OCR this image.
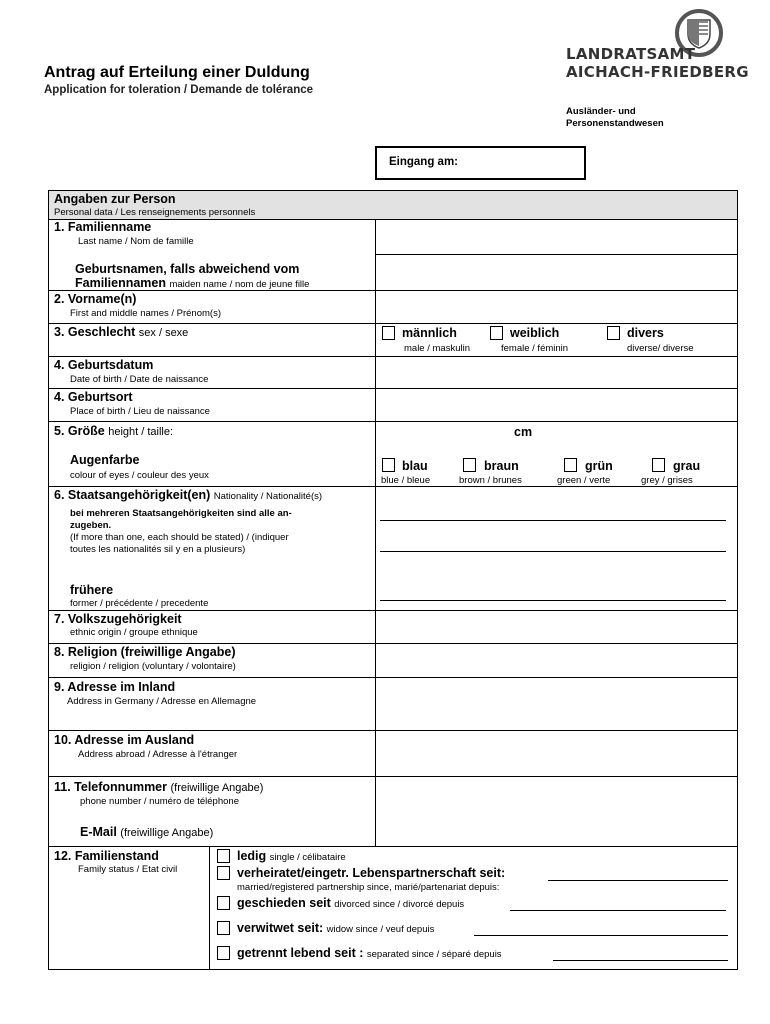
Antrag auf Erteilung einer Duldung
Application for toleration / Demande de tolérance
LANDRATSAMT
AICHACH-FRIEDBERG
Ausländer- und
Personenstandwesen
Eingang am:
Angaben zur Person
Personal data / Les renseignements personnels
1. Familienname
Last name / Nom de famille
Geburtsnamen, falls abweichend vom
Familiennamen maiden name / nom de jeune fille
2. Vorname(n)
First and middle names / Prénom(s)
3. Geschlecht sex / sexe	männlich
male / maskulin
weiblich
female / féminin
divers
diverse/ diverse
4. Geburtsdatum
Date of birth / Date de naissance
4. Geburtsort
Place of birth / Lieu de naissance
5. Größe height / taille:	cm
Augenfarbe
colour of eyes / couleur des yeux
blau
blue / bleue
braun
brown / brunes
grün
green / verte
grau
grey / grises
6. Staatsangehörigkeit(en) Nationality / Nationalité(s)
bei mehreren Staatsangehörigkeiten sind alle an-
zugeben.
(If more than one, each should be stated) / (indiquer
toutes les nationalités sil y en a plusieurs)
frühere
former / précédente / precedente
7. Volkszugehörigkeit
ethnic origin / groupe ethnique
8. Religion (freiwillige Angabe)
religion / religion (voluntary / volontaire)
9. Adresse im Inland
Address in Germany / Adresse en Allemagne
10. Adresse im Ausland
Address abroad / Adresse à l'étranger
11. Telefonnummer (freiwillige Angabe)
phone number / numéro de téléphone
E-Mail (freiwillige Angabe)
12. Familienstand
Family status / Etat civil
ledig single / célibataire
verheiratet/eingetr. Lebenspartnerschaft seit:
married/registered partnership since, marié/partenariat depuis:
geschieden seit divorced since / divorcé depuis
verwitwet seit: widow since / veuf depuis
getrennt lebend seit : separated since / séparé depuis
